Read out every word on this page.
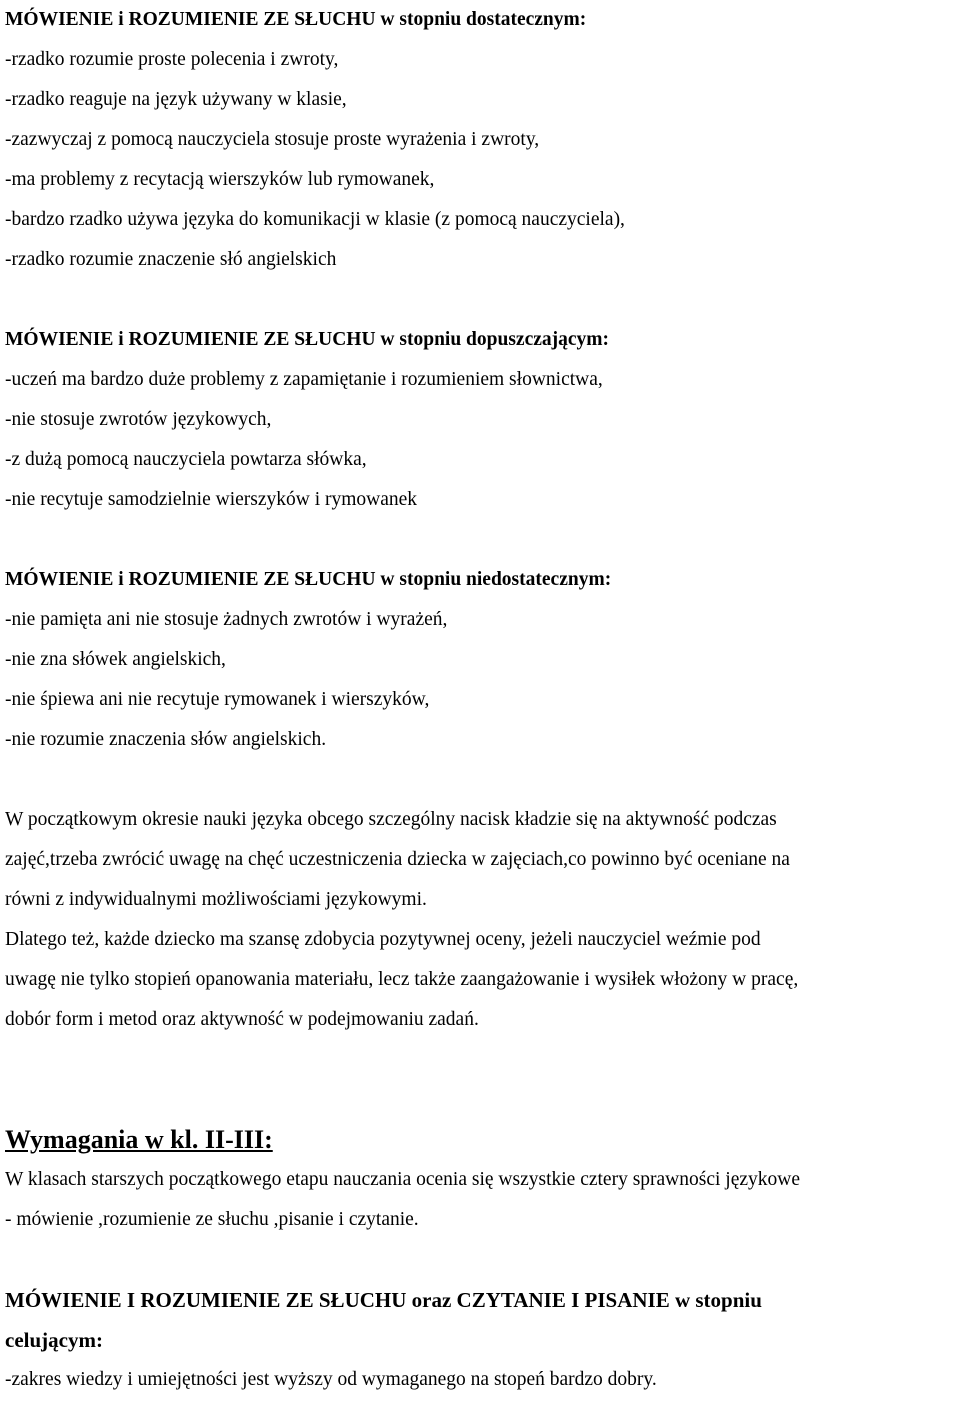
MÓWIENIE i ROZUMIENIE ZE SŁUCHU w stopniu dostatecznym:

-rzadko rozumie proste polecenia i zwroty,

-rzadko reaguje na język używany w klasie,

-zazwyczaj z pomocą nauczyciela stosuje proste wyrażenia i zwroty,

-ma problemy z recytacją wierszyków lub rymowanek,

-bardzo rzadko używa języka do komunikacji w klasie (z pomocą nauczyciela),

-rzadko rozumie znaczenie słó angielskich

MÓWIENIE i ROZUMIENIE ZE SŁUCHU w stopniu dopuszczającym:

-uczeń ma bardzo duże problemy z zapamiętanie i rozumieniem słownictwa,

-nie stosuje zwrotów językowych,

-z dużą pomocą nauczyciela powtarza słówka,

-nie recytuje samodzielnie wierszyków i rymowanek

MÓWIENIE i ROZUMIENIE ZE SŁUCHU w stopniu niedostatecznym:

-nie pamięta ani nie stosuje żadnych zwrotów i wyrażeń,

-nie zna słówek angielskich,

-nie śpiewa ani nie recytuje rymowanek i wierszyków,

-nie rozumie znaczenia słów angielskich.

W początkowym okresie nauki języka obcego szczególny nacisk kładzie się na aktywność podczas

zajęć,trzeba zwrócić uwagę na chęć uczestniczenia dziecka w zajęciach,co powinno być oceniane na

równi z indywidualnymi możliwościami językowymi.

Dlatego też, każde dziecko ma szansę zdobycia pozytywnej oceny, jeżeli nauczyciel weźmie pod

uwagę nie tylko stopień opanowania materiału, lecz także zaangażowanie i wysiłek włożony w pracę,

dobór form i metod oraz aktywność w podejmowaniu zadań.

Wymagania w kl. II-III:

W klasach starszych początkowego etapu nauczania ocenia się wszystkie cztery sprawności językowe

- mówienie ,rozumienie ze słuchu ,pisanie i czytanie.

MÓWIENIE I ROZUMIENIE ZE SŁUCHU oraz CZYTANIE I PISANIE w stopniu

celującym:

-zakres wiedzy i umiejętności jest wyższy od wymaganego na stopeń bardzo dobry.
